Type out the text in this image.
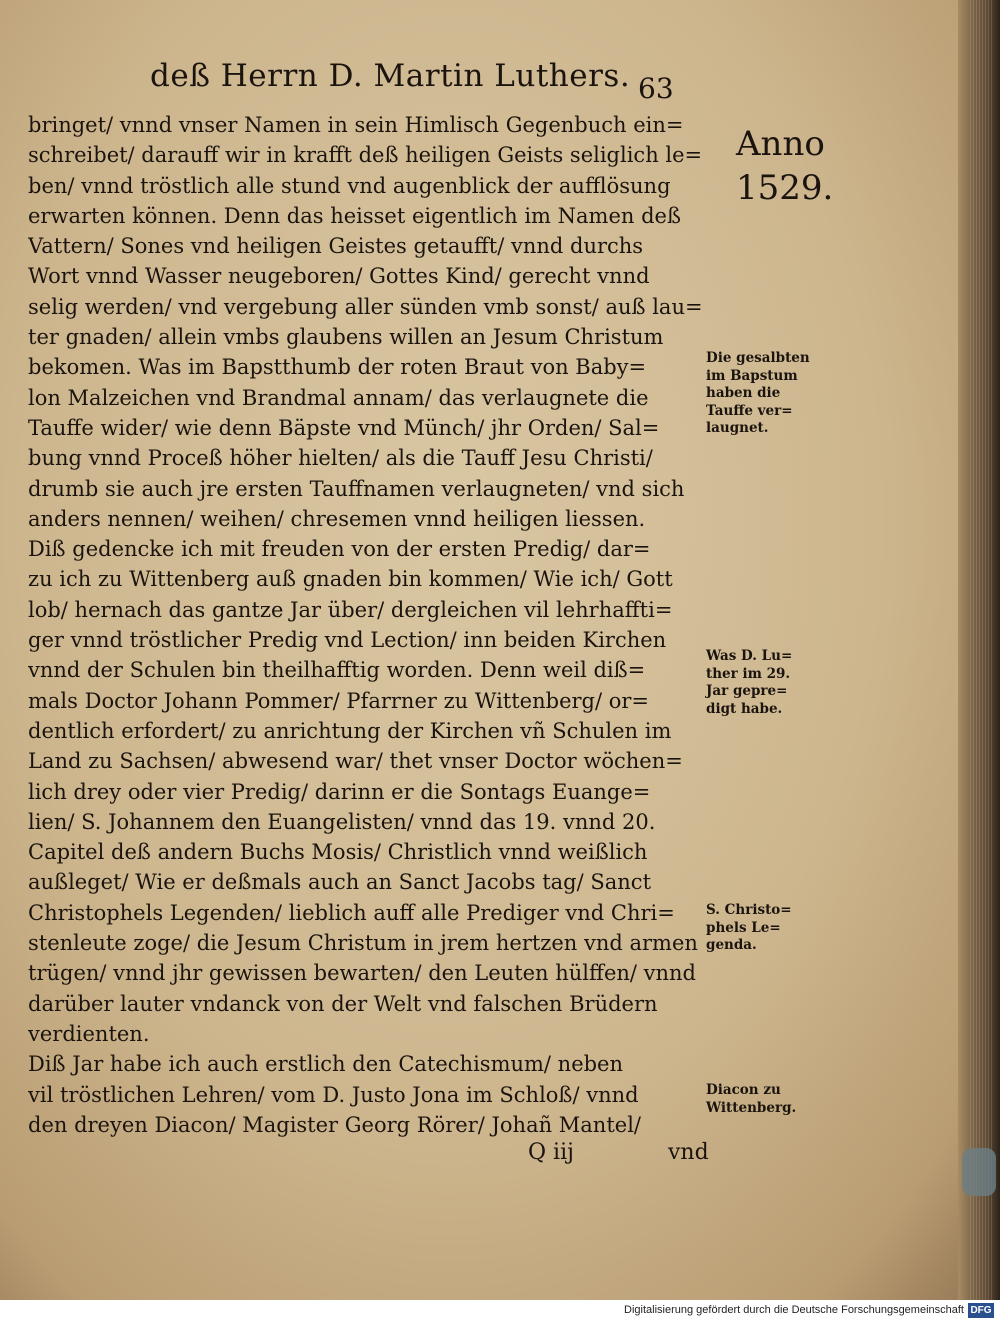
deß Herrn D. Martin Luthers. 63
Anno
1529.
bringet/ vnnd vnser Namen in sein Himlisch Gegenbuch ein=
schreibet/ darauff wir in krafft deß heiligen Geists seliglich le=
ben/ vnnd tröstlich alle stund vnd augenblick der aufflösung
erwarten können. Denn das heisset eigentlich im Namen deß
Vattern/ Sones vnd heiligen Geistes getaufft/ vnnd durchs
Wort vnnd Wasser neugeboren/ Gottes Kind/ gerecht vnnd
selig werden/ vnd vergebung aller sünden vmb sonst/ auß lau=
ter gnaden/ allein vmbs glaubens willen an Jesum Christum
bekomen. Was im Bapstthumb der roten Braut von Baby=
lon Malzeichen vnd Brandmal annam/ das verlaugnete die
Tauffe wider/ wie denn Bäpste vnd Münch/ jhr Orden/ Sal=
bung vnnd Proceß höher hielten/ als die Tauff Jesu Christi/
drumb sie auch jre ersten Tauffnamen verlaugneten/ vnd sich
anders nennen/ weihen/ chresemen vnnd heiligen liessen.
Diß gedencke ich mit freuden von der ersten Predig/ dar=
zu ich zu Wittenberg auß gnaden bin kommen/ Wie ich/ Gott
lob/ hernach das gantze Jar über/ dergleichen vil lehrhaffti=
ger vnnd tröstlicher Predig vnd Lection/ inn beiden Kirchen
vnnd der Schulen bin theilhafftig worden. Denn weil diß=
mals Doctor Johann Pommer/ Pfarrner zu Wittenberg/ or=
dentlich erfordert/ zu anrichtung der Kirchen vñ Schulen im
Land zu Sachsen/ abwesend war/ thet vnser Doctor wöchen=
lich drey oder vier Predig/ darinn er die Sontags Euange=
lien/ S. Johannem den Euangelisten/ vnnd das 19. vnnd 20.
Capitel deß andern Buchs Mosis/ Christlich vnnd weißlich
außleget/ Wie er deßmals auch an Sanct Jacobs tag/ Sanct
Christophels Legenden/ lieblich auff alle Prediger vnd Chri=
stenleute zoge/ die Jesum Christum in jrem hertzen vnd armen
trügen/ vnnd jhr gewissen bewarten/ den Leuten hülffen/ vnnd
darüber lauter vndanck von der Welt vnd falschen Brüdern
verdienten.
Diß Jar habe ich auch erstlich den Catechismum/ neben
vil tröstlichen Lehren/ vom D. Justo Jona im Schloß/ vnnd
den dreyen Diacon/ Magister Georg Rörer/ Johañ Mantel/
Die gesalbten
im Bapstum
haben die
Tauffe ver=
laugnet.
Was D. Lu=
ther im 29.
Jar gepre=
digt habe.
S. Christo=
phels Le=
genda.
Diacon zu
Wittenberg.
Q iij	vnd
Digitalisierung gefördert durch die Deutsche Forschungsgemeinschaft DFG
